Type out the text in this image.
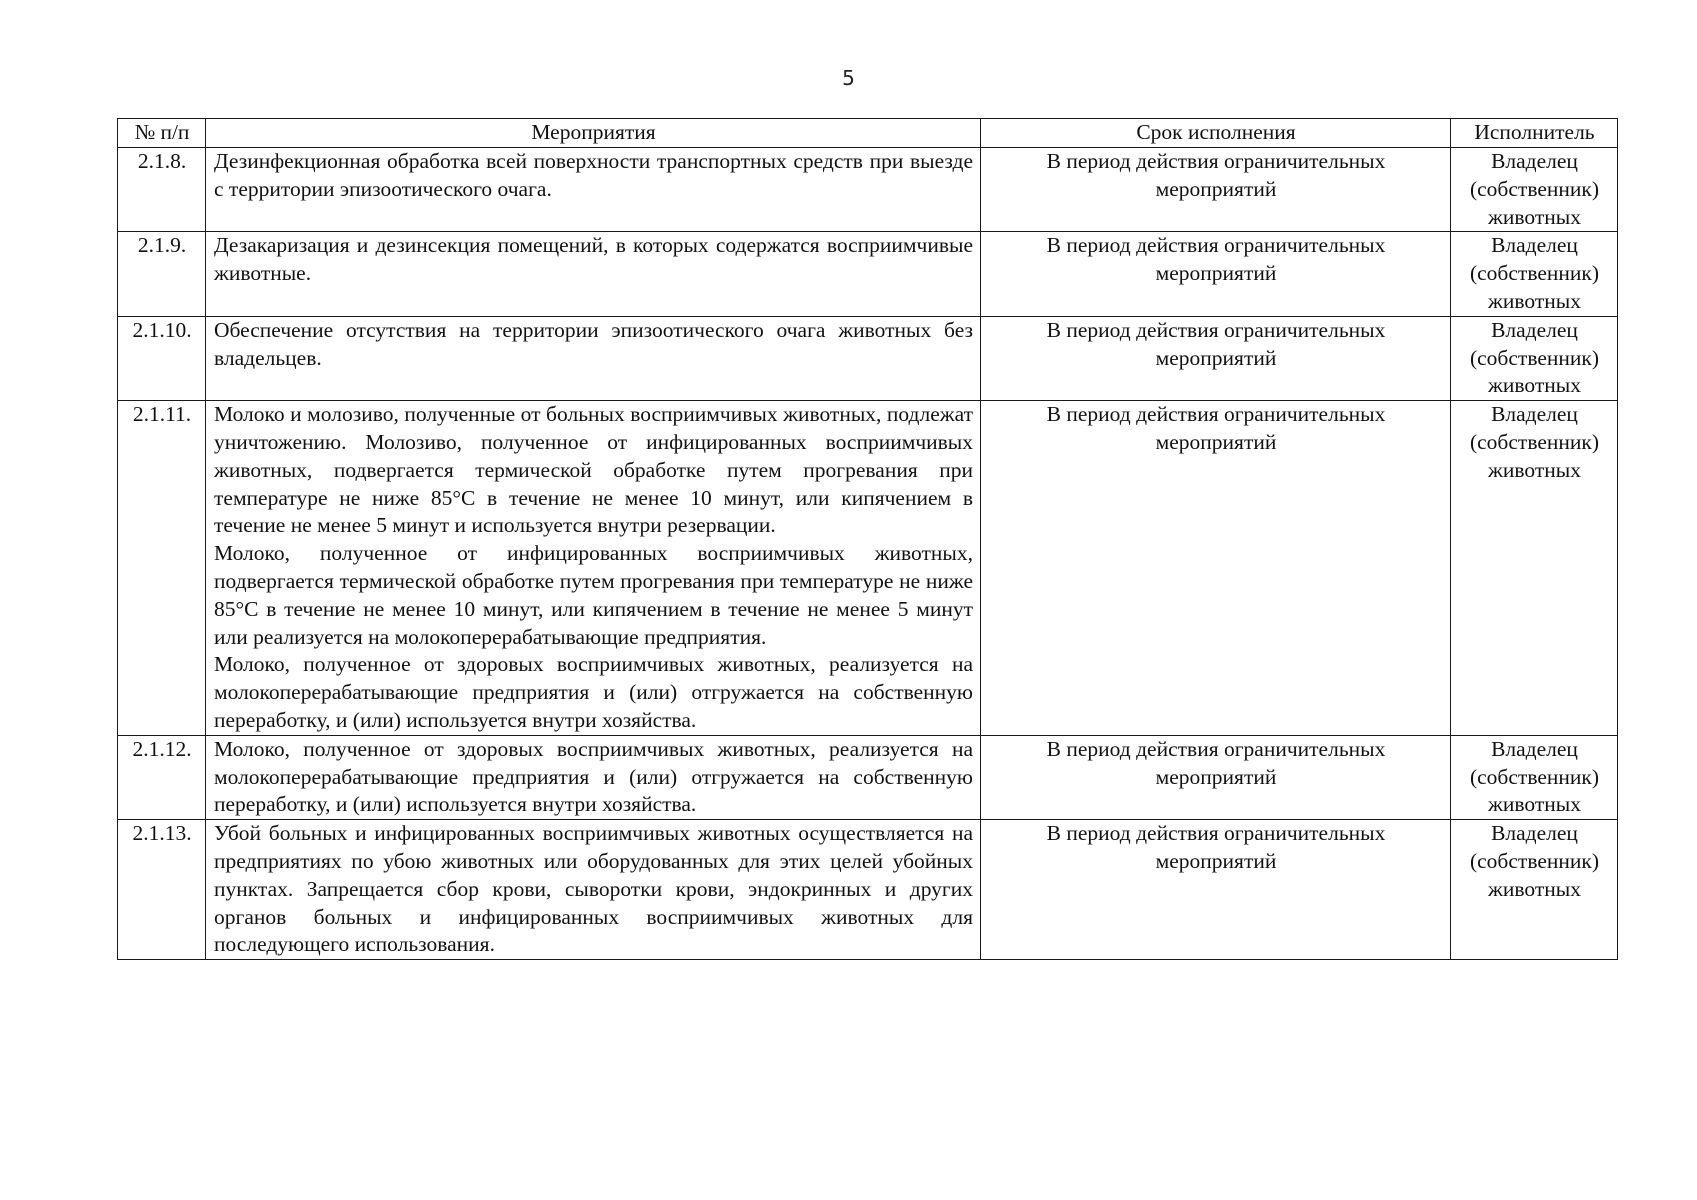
5
№ п/п	Мероприятия	Срок исполнения	Исполнитель
2.1.8.	Дезинфекционная обработка всей поверхности транспортных средств при выезде с территории эпизоотического очага.	В период действия ограничительных мероприятий	Владелец (собственник) животных
2.1.9.	Дезакаризация и дезинсекция помещений, в которых содержатся восприимчивые животные.	В период действия ограничительных мероприятий	Владелец (собственник) животных
2.1.10.	Обеспечение отсутствия на территории эпизоотического очага животных без владельцев.	В период действия ограничительных мероприятий	Владелец (собственник) животных
2.1.11.	Молоко и молозиво, полученные от больных восприимчивых животных, подлежат уничтожению. Молозиво, полученное от инфицированных восприимчивых животных, подвергается термической обработке путем прогревания при температуре не ниже 85°С в течение не менее 10 минут, или кипячением в течение не менее 5 минут и используется внутри резервации.
Молоко, полученное от инфицированных восприимчивых животных, подвергается термической обработке путем прогревания при температуре не ниже 85°С в течение не менее 10 минут, или кипячением в течение не менее 5 минут или реализуется на молокоперерабатывающие предприятия.
Молоко, полученное от здоровых восприимчивых животных, реализуется на молокоперерабатывающие предприятия и (или) отгружается на собственную переработку, и (или) используется внутри хозяйства.	В период действия ограничительных мероприятий	Владелец (собственник) животных
2.1.12.	Молоко, полученное от здоровых восприимчивых животных, реализуется на молокоперерабатывающие предприятия и (или) отгружается на собственную переработку, и (или) используется внутри хозяйства.	В период действия ограничительных мероприятий	Владелец (собственник) животных
2.1.13.	Убой больных и инфицированных восприимчивых животных осуществляется на предприятиях по убою животных или оборудованных для этих целей убойных пунктах. Запрещается сбор крови, сыворотки крови, эндокринных и других органов больных и инфицированных восприимчивых животных для последующего использования.	В период действия ограничительных мероприятий	Владелец (собственник) животных
